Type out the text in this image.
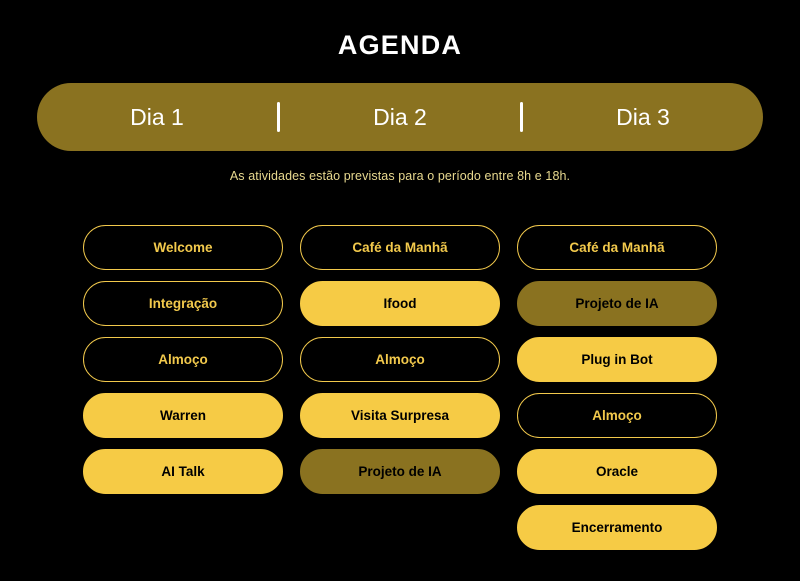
AGENDA
Dia 1	Dia 2	Dia 3
As atividades estão previstas para o período entre 8h e 18h.
Welcome
Integração
Almoço
Warren
AI Talk
Café da Manhã
Ifood
Almoço
Visita Surpresa
Projeto de IA
Café da Manhã
Projeto de IA
Plug in Bot
Almoço
Oracle
Encerramento
